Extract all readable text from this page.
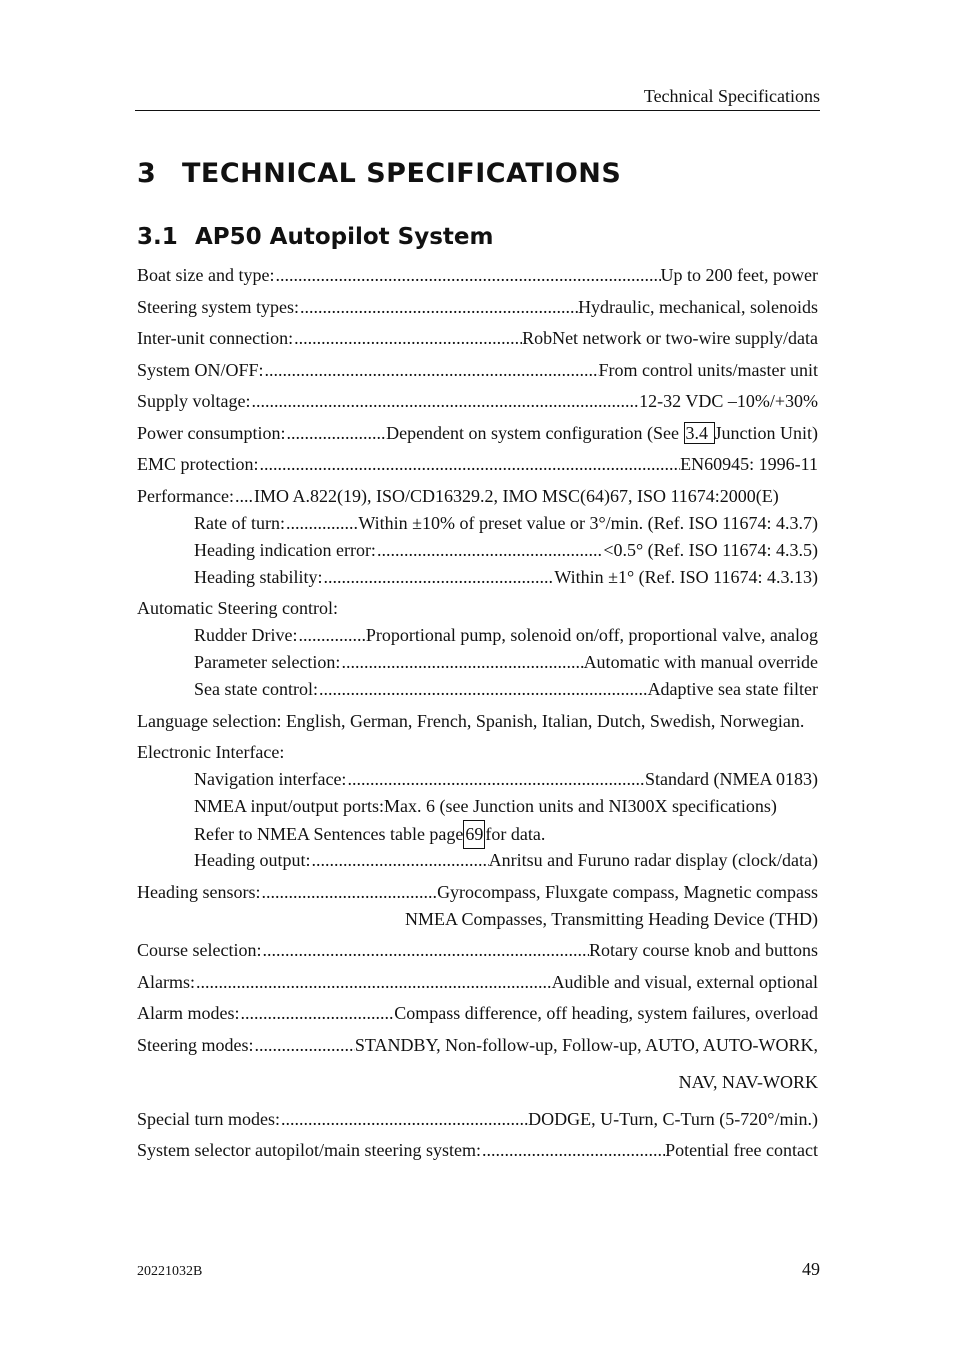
Technical Specifications
3 TECHNICAL SPECIFICATIONS
3.1 AP50 Autopilot System
Boat size and type: .....	Up to 200 feet, power
Steering system types: .....	Hydraulic, mechanical, solenoids
Inter-unit connection: .....	RobNet network or two-wire supply/data
System ON/OFF: .....	From control units/master unit
Supply voltage: .....	12-32 VDC –10%/+30%
Power consumption: .....	Dependent on system configuration (See 3.4 Junction Unit)
EMC protection: .....	EN60945: 1996-11
Performance: ..... IMO A.822(19), ISO/CD16329.2, IMO MSC(64)67, ISO 11674:2000(E)
Rate of turn: .....	Within ±10% of preset value or 3°/min. (Ref. ISO 11674: 4.3.7)
Heading indication error: .....	<0.5° (Ref. ISO 11674: 4.3.5)
Heading stability: .....	Within ±1° (Ref. ISO 11674: 4.3.13)
Automatic Steering control:
Rudder Drive: .....	Proportional pump, solenoid on/off, proportional valve, analog
Parameter selection: .....	Automatic with manual override
Sea state control: .....	Adaptive sea state filter
Language selection: English, German, French, Spanish, Italian, Dutch, Swedish, Norwegian.
Electronic Interface:
Navigation interface: .....	Standard (NMEA 0183)
NMEA input/output ports: Max. 6 (see Junction units and NI300X specifications)
Refer to NMEA Sentences table page 69 for data.
Heading output: .....	Anritsu and Furuno radar display (clock/data)
Heading sensors: .....	Gyrocompass, Fluxgate compass, Magnetic compass
NMEA Compasses, Transmitting Heading Device (THD)
Course selection: .....	Rotary course knob and buttons
Alarms: .....	Audible and visual, external optional
Alarm modes: .....	Compass difference, off heading, system failures, overload
Steering modes: .....	STANDBY, Non-follow-up, Follow-up, AUTO, AUTO-WORK,
NAV, NAV-WORK
Special turn modes: .....	DODGE, U-Turn, C-Turn (5-720°/min.)
System selector autopilot/main steering system: .....	Potential free contact
20221032B	49
